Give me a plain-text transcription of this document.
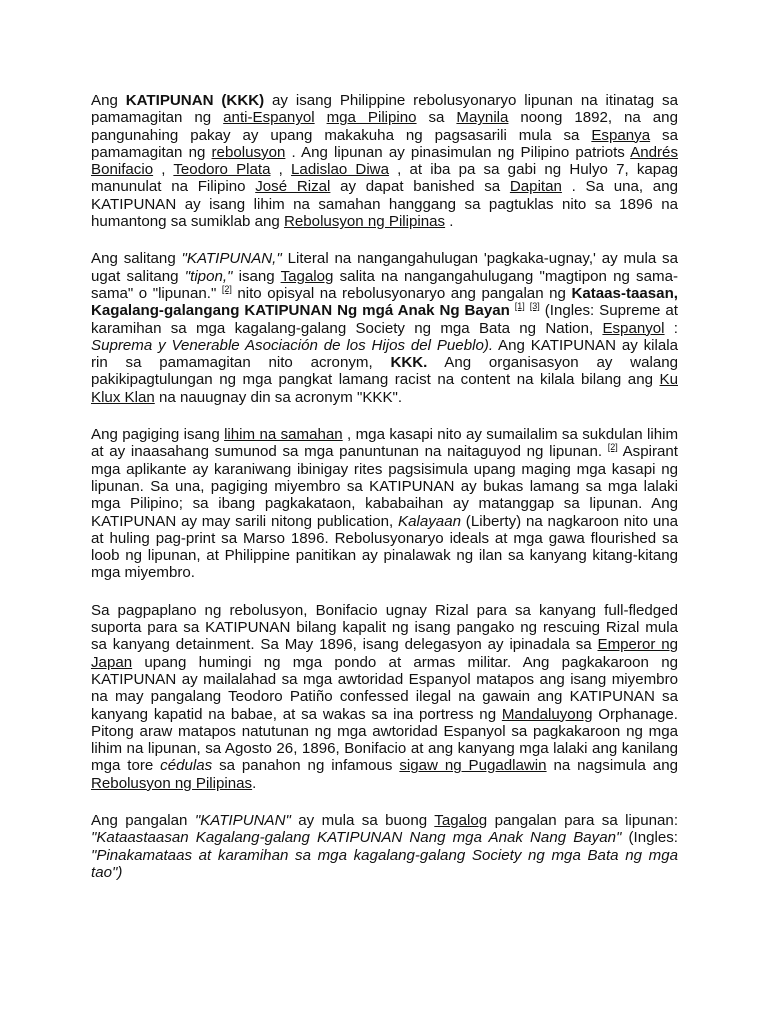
Ang KATIPUNAN (KKK) ay isang Philippine rebolusyonaryo lipunan na itinatag sa pamamagitan ng anti-Espanyol mga Pilipino sa Maynila noong 1892, na ang pangunahing pakay ay upang makakuha ng pagsasarili mula sa Espanya sa pamamagitan ng rebolusyon . Ang lipunan ay pinasimulan ng Pilipino patriots Andrés Bonifacio , Teodoro Plata , Ladislao Diwa , at iba pa sa gabi ng Hulyo 7, kapag manunulat na Filipino José Rizal ay dapat banished sa Dapitan . Sa una, ang KATIPUNAN ay isang lihim na samahan hanggang sa pagtuklas nito sa 1896 na humantong sa sumiklab ang Rebolusyon ng Pilipinas .

Ang salitang "KATIPUNAN," Literal na nangangahulugan 'pagkaka-ugnay,' ay mula sa ugat salitang "tipon," isang Tagalog salita na nangangahulugang "magtipon ng sama-sama" o "lipunan." [2] nito opisyal na rebolusyonaryo ang pangalan ng Kataas-taasan, Kagalang-galangang KATIPUNAN Ng mgá Anak Ng Bayan [1] [3] (Ingles: Supreme at karamihan sa mga kagalang-galang Society ng mga Bata ng Nation, Espanyol : Suprema y Venerable Asociación de los Hijos del Pueblo). Ang KATIPUNAN ay kilala rin sa pamamagitan nito acronym, KKK. Ang organisasyon ay walang pakikipagtulungan ng mga pangkat lamang racist na content na kilala bilang ang Ku Klux Klan na nauugnay din sa acronym "KKK".

Ang pagiging isang lihim na samahan , mga kasapi nito ay sumailalim sa sukdulan lihim at ay inaasahang sumunod sa mga panuntunan na naitaguyod ng lipunan. [2] Aspirant mga aplikante ay karaniwang ibinigay rites pagsisimula upang maging mga kasapi ng lipunan. Sa una, pagiging miyembro sa KATIPUNAN ay bukas lamang sa mga lalaki mga Pilipino; sa ibang pagkakataon, kababaihan ay matanggap sa lipunan. Ang KATIPUNAN ay may sarili nitong publication, Kalayaan (Liberty) na nagkaroon nito una at huling pag-print sa Marso 1896. Rebolusyonaryo ideals at mga gawa flourished sa loob ng lipunan, at Philippine panitikan ay pinalawak ng ilan sa kanyang kitang-kitang mga miyembro.

Sa pagpaplano ng rebolusyon, Bonifacio ugnay Rizal para sa kanyang full-fledged suporta para sa KATIPUNAN bilang kapalit ng isang pangako ng rescuing Rizal mula sa kanyang detainment. Sa May 1896, isang delegasyon ay ipinadala sa Emperor ng Japan upang humingi ng mga pondo at armas militar. Ang pagkakaroon ng KATIPUNAN ay mailalahad sa mga awtoridad Espanyol matapos ang isang miyembro na may pangalang Teodoro Patiño confessed ilegal na gawain ang KATIPUNAN sa kanyang kapatid na babae, at sa wakas sa ina portress ng Mandaluyong Orphanage. Pitong araw matapos natutunan ng mga awtoridad Espanyol sa pagkakaroon ng mga lihim na lipunan, sa Agosto 26, 1896, Bonifacio at ang kanyang mga lalaki ang kanilang mga tore cédulas sa panahon ng infamous sigaw ng Pugadlawin na nagsimula ang Rebolusyon ng Pilipinas.

Ang pangalan "KATIPUNAN" ay mula sa buong Tagalog pangalan para sa lipunan: "Kataastaasan Kagalang-galang KATIPUNAN Nang mga Anak Nang Bayan" (Ingles: "Pinakamataas at karamihan sa mga kagalang-galang Society ng mga Bata ng mga tao")
